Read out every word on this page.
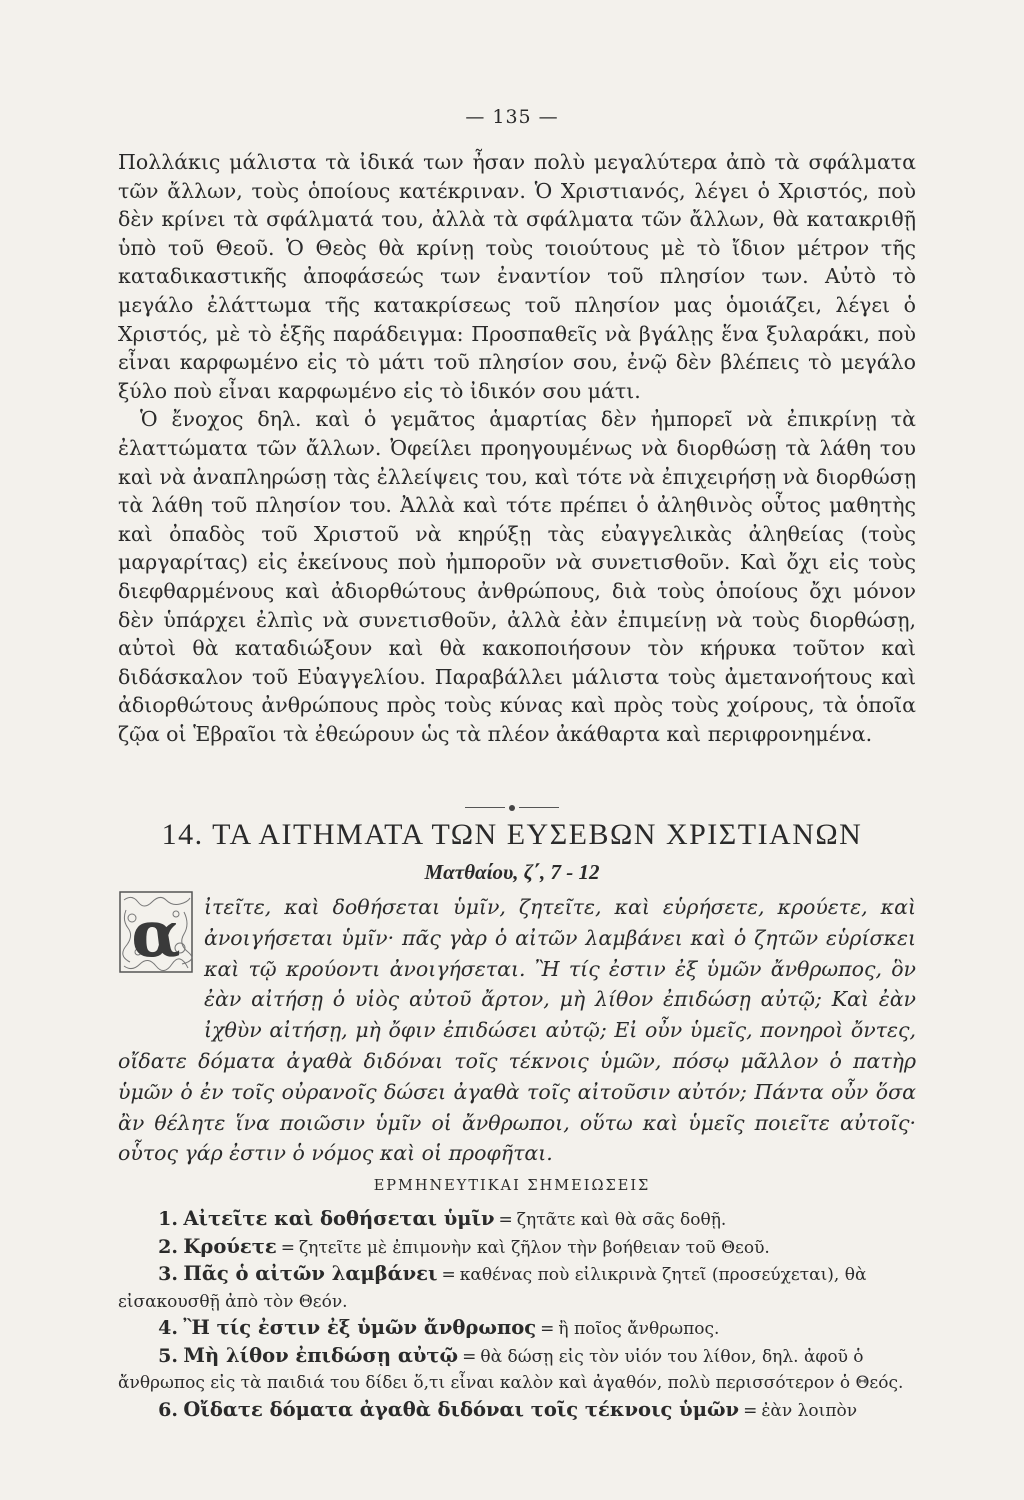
— 135 —

Πολλάκις μάλιστα τὰ ἰδικά των ἦσαν πολὺ μεγαλύτερα ἀπὸ τὰ σφάλματα τῶν ἄλλων, τοὺς ὁποίους κατέκριναν. Ὁ Χριστιανός, λέγει ὁ Χριστός, ποὺ δὲν κρίνει τὰ σφάλματά του, ἀλλὰ τὰ σφάλματα τῶν ἄλλων, θὰ κατακριθῇ ὑπὸ τοῦ Θεοῦ. Ὁ Θεὸς θὰ κρίνῃ τοὺς τοιούτους μὲ τὸ ἴδιον μέτρον τῆς καταδικαστικῆς ἀποφάσεώς των ἐναντίον τοῦ πλησίον των. Αὐτὸ τὸ μεγάλο ἐλάττωμα τῆς κατακρίσεως τοῦ πλησίον μας ὁμοιάζει, λέγει ὁ Χριστός, μὲ τὸ ἑξῆς παράδειγμα: Προσπαθεῖς νὰ βγάλῃς ἕνα ξυλαράκι, ποὺ εἶναι καρφωμένο εἰς τὸ μάτι τοῦ πλησίον σου, ἐνῷ δὲν βλέπεις τὸ μεγάλο ξύλο ποὺ εἶναι καρφωμένο εἰς τὸ ἰδικόν σου μάτι.

Ὁ ἔνοχος δηλ. καὶ ὁ γεμᾶτος ἁμαρτίας δὲν ἠμπορεῖ νὰ ἐπικρίνῃ τὰ ἐλαττώματα τῶν ἄλλων. Ὀφείλει προηγουμένως νὰ διορθώσῃ τὰ λάθη του καὶ νὰ ἀναπληρώσῃ τὰς ἐλλείψεις του, καὶ τότε νὰ ἐπιχειρήσῃ νὰ διορθώσῃ τὰ λάθη τοῦ πλησίον του. Ἀλλὰ καὶ τότε πρέπει ὁ ἀληθινὸς οὗτος μαθητὴς καὶ ὀπαδὸς τοῦ Χριστοῦ νὰ κηρύξῃ τὰς εὐαγγελικὰς ἀληθείας (τοὺς μαργαρίτας) εἰς ἐκείνους ποὺ ἠμποροῦν νὰ συνετισθοῦν. Καὶ ὄχι εἰς τοὺς διεφθαρμένους καὶ ἀδιορθώτους ἀνθρώπους, διὰ τοὺς ὁποίους ὄχι μόνον δὲν ὑπάρχει ἐλπὶς νὰ συνετισθοῦν, ἀλλὰ ἐὰν ἐπιμείνῃ νὰ τοὺς διορθώσῃ, αὐτοὶ θὰ καταδιώξουν καὶ θὰ κακοποιήσουν τὸν κήρυκα τοῦτον καὶ διδάσκαλον τοῦ Εὐαγγελίου. Παραβάλλει μάλιστα τοὺς ἀμετανοήτους καὶ ἀδιορθώτους ἀνθρώπους πρὸς τοὺς κύνας καὶ πρὸς τοὺς χοίρους, τὰ ὁποῖα ζῷα οἱ Ἑβραῖοι τὰ ἐθεώρουν ὡς τὰ πλέον ἀκάθαρτα καὶ περιφρονημένα.

14. ΤΑ ΑΙΤΗΜΑΤΑ ΤΩΝ ΕΥΣΕΒΩΝ ΧΡΙΣΤΙΑΝΩΝ
Ματθαίου, ζ΄, 7 - 12
α	ἰτεῖτε, καὶ δοθήσεται ὑμῖν, ζητεῖτε, καὶ εὑρήσετε, κρούετε, καὶ ἀνοιγήσεται ὑμῖν· πᾶς γὰρ ὁ αἰτῶν λαμβάνει καὶ ὁ ζητῶν εὑρίσκει καὶ τῷ κρούοντι ἀνοιγήσεται. Ἢ τίς ἐστιν ἐξ ὑμῶν ἄνθρωπος, ὃν ἐὰν αἰτήσῃ ὁ υἱὸς αὐτοῦ ἄρτον, μὴ λίθον ἐπιδώσῃ αὐτῷ; Καὶ ἐὰν ἰχθὺν αἰτήσῃ, μὴ ὄφιν ἐπιδώσει αὐτῷ; Εἰ οὖν ὑμεῖς, πονηροὶ ὄντες, οἴδατε δόματα ἀγαθὰ διδόναι τοῖς τέκνοις ὑμῶν, πόσῳ μᾶλλον ὁ πατὴρ ὑμῶν ὁ ἐν τοῖς οὐρανοῖς δώσει ἀγαθὰ τοῖς αἰτοῦσιν αὐτόν; Πάντα οὖν ὅσα ἂν θέλητε ἵνα ποιῶσιν ὑμῖν οἱ ἄνθρωποι, οὕτω καὶ ὑμεῖς ποιεῖτε αὐτοῖς· οὗτος γάρ ἐστιν ὁ νόμος καὶ οἱ προφῆται.
ΕΡΜΗΝΕΥΤΙΚΑΙ ΣΗΜΕΙΩΣΕΙΣ

1. Αἰτεῖτε καὶ δοθήσεται ὑμῖν = ζητᾶτε καὶ θὰ σᾶς δοθῇ.

2. Κρούετε = ζητεῖτε μὲ ἐπιμονὴν καὶ ζῆλον τὴν βοήθειαν τοῦ Θεοῦ.

3. Πᾶς ὁ αἰτῶν λαμβάνει = καθένας ποὺ εἰλικρινὰ ζητεῖ (προσεύχεται), θὰ εἰσακουσθῇ ἀπὸ τὸν Θεόν.

4. Ἢ τίς ἐστιν ἐξ ὑμῶν ἄνθρωπος = ἢ ποῖος ἄνθρωπος.

5. Μὴ λίθον ἐπιδώσῃ αὐτῷ = θὰ δώσῃ εἰς τὸν υἱόν του λίθον, δηλ. ἀφοῦ ὁ ἄνθρωπος εἰς τὰ παιδιά του δίδει ὅ,τι εἶναι καλὸν καὶ ἀγαθόν, πολὺ περισσότερον ὁ Θεός.

6. Οἴδατε δόματα ἀγαθὰ διδόναι τοῖς τέκνοις ὑμῶν = ἐὰν λοιπὸν
